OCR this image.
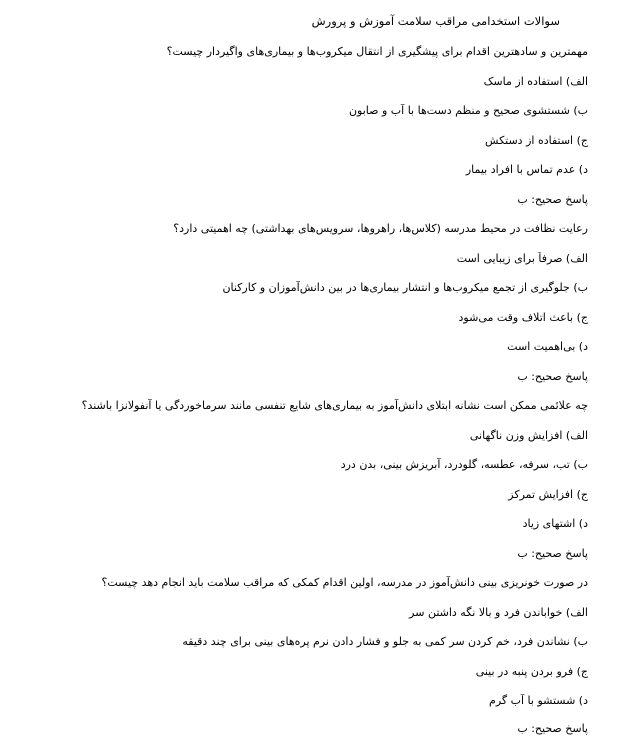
سوالات استخدامی مراقب سلامت آموزش و پرورش
مهمترین و سادهترین اقدام برای پیشگیری از انتقال میکروب‌ها و بیماری‌های واگیردار چیست؟
الف) استفاده از ماسک
ب) شستشوی صحیح و منظم دست‌ها با آب و صابون
ج) استفاده از دستکش
د) عدم تماس با افراد بیمار
پاسخ صحیح: ب
رعایت نظافت در محیط مدرسه (کلاس‌ها، راهروها، سرویس‌های بهداشتی) چه اهمیتی دارد؟
الف) صرفاً برای زیبایی است
ب) جلوگیری از تجمع میکروب‌ها و انتشار بیماری‌ها در بین دانش‌آموزان و کارکنان
ج) باعث اتلاف وقت می‌شود
د) بی‌اهمیت است
پاسخ صحیح: ب
چه علائمی ممکن است نشانه ابتلای دانش‌آموز به بیماری‌های شایع تنفسی مانند سرماخوردگی یا آنفولانزا باشند؟
الف) افزایش وزن ناگهانی
ب) تب، سرفه، عطسه، گلودرد، آبریزش بینی، بدن درد
ج) افزایش تمرکز
د) اشتهای زیاد
پاسخ صحیح: ب
در صورت خونریزی بینی دانش‌آموز در مدرسه، اولین اقدام کمکی که مراقب سلامت باید انجام دهد چیست؟
الف) خواباندن فرد و بالا نگه داشتن سر
ب) نشاندن فرد، خم کردن سر کمی به جلو و فشار دادن نرم پره‌های بینی برای چند دقیقه
ج) فرو بردن پنبه در بینی
د) شستشو با آب گرم
پاسخ صحیح: ب
